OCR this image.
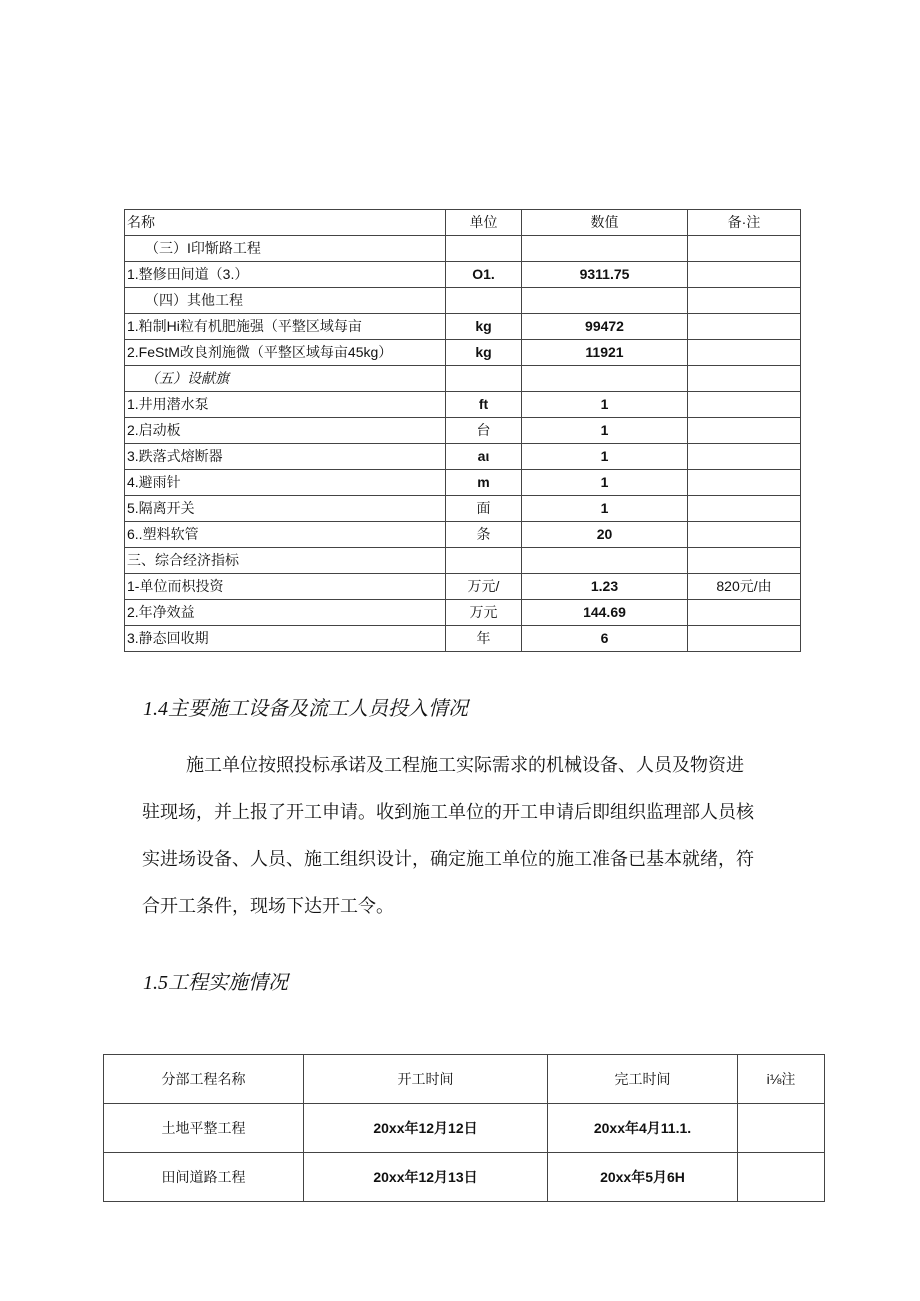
名称	单位	数值	备·注
（三）I印惭路工程			
1.整修田间道（3.）	O1.	9311.75	
（四）其他工程			
1.粕制Hi粒有机肥施强（平整区域每亩	kg	99472	
2.FeStM改良剂施微（平整区域每亩45kg）	kg	11921	
（五）设献旗			
1.井用潜水泵	ft	1	
2.启动板	台	1	
3.跌落式熔断器	aι	1	
4.避雨针	m	1	
5.隔离开关	面	1	
6..塑料软管	条	20	
三、综合经济指标			
1-单位而枳投资	万元/	1.23	820元/由
2.年净效益	万元	144.69	
3.静态回收期	年	6	
1.4主要施工设备及流工人员投入情况

施工单位按照投标承诺及工程施工实际需求的机械设备、人员及物资进
驻现场，并上报了开工申请。收到施工单位的开工申请后即组织监理部人员核
实进场设备、人员、施工组织设计，确定施工单位的施工准备已基本就绪，符
合开工条件，现场下达开工令。

1.5工程实施情况
分部工程名称	开工时间	完工时间	i⅛注
土地平整工程	20xx年12月12日	20xx年4月11.1.	
田间道路工程	20xx年12月13日	20xx年5月6H	
